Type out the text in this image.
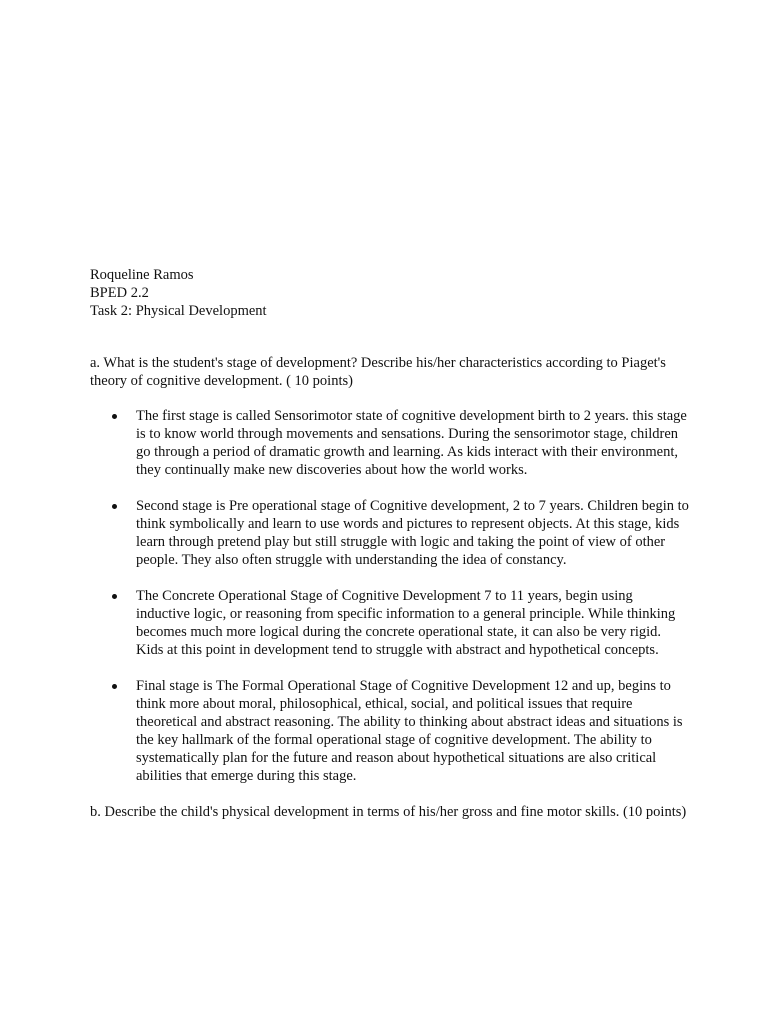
Roqueline Ramos
BPED 2.2
Task 2: Physical Development

a. What is the student's stage of development? Describe his/her characteristics according to Piaget's theory of cognitive development. ( 10 points)

The first stage is called Sensorimotor state of cognitive development birth to 2 years. this stage is to know world through movements and sensations. During the sensorimotor stage, children go through a period of dramatic growth and learning. As kids interact with their environment, they continually make new discoveries about how the world works.
Second stage is Pre operational stage of Cognitive development, 2 to 7 years. Children begin to think symbolically and learn to use words and pictures to represent objects. At this stage, kids learn through pretend play but still struggle with logic and taking the point of view of other people. They also often struggle with understanding the idea of constancy.
The Concrete Operational Stage of Cognitive Development 7 to 11 years, begin using inductive logic, or reasoning from specific information to a general principle. While thinking becomes much more logical during the concrete operational state, it can also be very rigid. Kids at this point in development tend to struggle with abstract and hypothetical concepts.
Final stage is The Formal Operational Stage of Cognitive Development 12 and up, begins to think more about moral, philosophical, ethical, social, and political issues that require theoretical and abstract reasoning. The ability to thinking about abstract ideas and situations is the key hallmark of the formal operational stage of cognitive development. The ability to systematically plan for the future and reason about hypothetical situations are also critical abilities that emerge during this stage.

b. Describe the child's physical development in terms of his/her gross and fine motor skills. (10 points)
